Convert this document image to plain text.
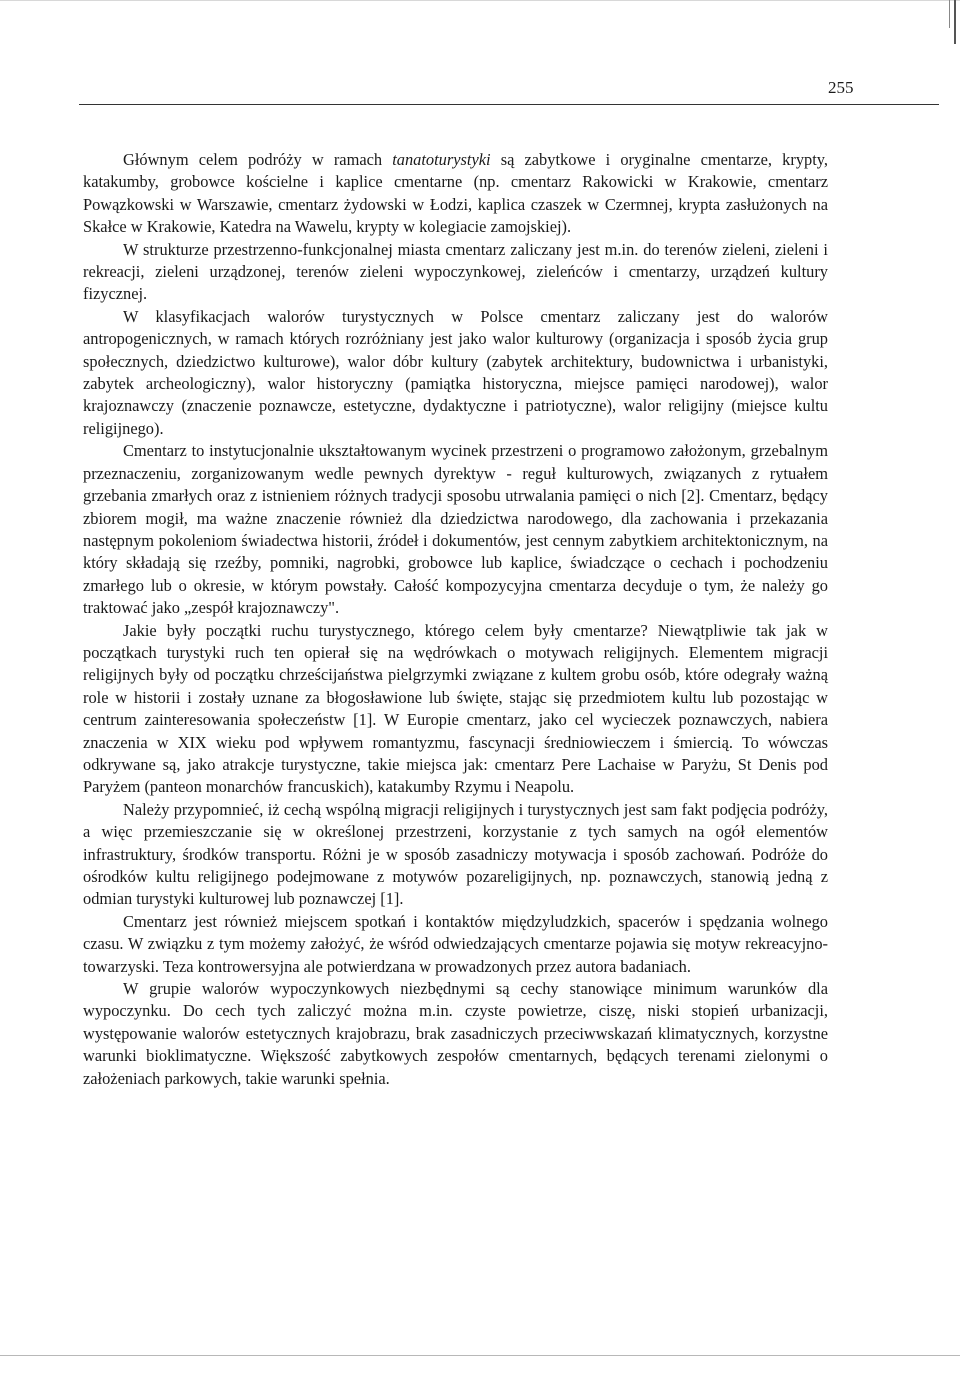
255

Głównym celem podróży w ramach tanatoturystyki są zabytkowe i oryginalne cmentarze, krypty, katakumby, grobowce kościelne i kaplice cmentarne (np. cmentarz Rakowicki w Krakowie, cmentarz Powązkowski w Warszawie, cmentarz żydowski w Łodzi, kaplica czaszek w Czermnej, krypta zasłużonych na Skałce w Krakowie, Katedra na Wawelu, krypty w kolegiacie zamojskiej).

W strukturze przestrzenno-funkcjonalnej miasta cmentarz zaliczany jest m.in. do terenów zieleni, zieleni i rekreacji, zieleni urządzonej, terenów zieleni wypoczynkowej, zieleńców i cmentarzy, urządzeń kultury fizycznej.

W klasyfikacjach walorów turystycznych w Polsce cmentarz zaliczany jest do walorów antropogenicznych, w ramach których rozróżniany jest jako walor kulturowy (organizacja i sposób życia grup społecznych, dziedzictwo kulturowe), walor dóbr kultury (zabytek architektury, budownictwa i urbanistyki, zabytek archeologiczny), walor historyczny (pamiątka historyczna, miejsce pamięci narodowej), walor krajoznawczy (znaczenie poznawcze, estetyczne, dydaktyczne i patriotyczne), walor religijny (miejsce kultu religijnego).

Cmentarz to instytucjonalnie ukształtowanym wycinek przestrzeni o programowo założonym, grzebalnym przeznaczeniu, zorganizowanym wedle pewnych dyrektyw - reguł kulturowych, związanych z rytuałem grzebania zmarłych oraz z istnieniem różnych tradycji sposobu utrwalania pamięci o nich [2]. Cmentarz, będący zbiorem mogił, ma ważne znaczenie również dla dziedzictwa narodowego, dla zachowania i przekazania następnym pokoleniom świadectwa historii, źródeł i dokumentów, jest cennym zabytkiem architektonicznym, na który składają się rzeźby, pomniki, nagrobki, grobowce lub kaplice, świadczące o cechach i pochodzeniu zmarłego lub o okresie, w którym powstały. Całość kompozycyjna cmentarza decyduje o tym, że należy go traktować jako „zespół krajoznawczy".

Jakie były początki ruchu turystycznego, którego celem były cmentarze? Niewątpliwie tak jak w początkach turystyki ruch ten opierał się na wędrówkach o motywach religijnych. Elementem migracji religijnych były od początku chrześcijaństwa pielgrzymki związane z kultem grobu osób, które odegrały ważną role w historii i zostały uznane za błogosławione lub święte, stając się przedmiotem kultu lub pozostając w centrum zainteresowania społeczeństw [1]. W Europie cmentarz, jako cel wycieczek poznawczych, nabiera znaczenia w XIX wieku pod wpływem romantyzmu, fascynacji średniowieczem i śmiercią. To wówczas odkrywane są, jako atrakcje turystyczne, takie miejsca jak: cmentarz Pere Lachaise w Paryżu, St Denis pod Paryżem (panteon monarchów francuskich), katakumby Rzymu i Neapolu.

Należy przypomnieć, iż cechą wspólną migracji religijnych i turystycznych jest sam fakt podjęcia podróży, a więc przemieszczanie się w określonej przestrzeni, korzystanie z tych samych na ogół elementów infrastruktury, środków transportu. Różni je w sposób zasadniczy motywacja i sposób zachowań. Podróże do ośrodków kultu religijnego podejmowane z motywów pozareligijnych, np. poznawczych, stanowią jedną z odmian turystyki kulturowej lub poznawczej [1].

Cmentarz jest również miejscem spotkań i kontaktów międzyludzkich, spacerów i spędzania wolnego czasu. W związku z tym możemy założyć, że wśród odwiedzających cmentarze pojawia się motyw rekreacyjno-towarzyski. Teza kontrowersyjna ale potwierdzana w prowadzonych przez autora badaniach.

W grupie walorów wypoczynkowych niezbędnymi są cechy stanowiące minimum warunków dla wypoczynku. Do cech tych zaliczyć można m.in. czyste powietrze, ciszę, niski stopień urbanizacji, występowanie walorów estetycznych krajobrazu, brak zasadniczych przeciwwskazań klimatycznych, korzystne warunki bioklimatyczne. Większość zabytkowych zespołów cmentarnych, będących terenami zielonymi o założeniach parkowych, takie warunki spełnia.
